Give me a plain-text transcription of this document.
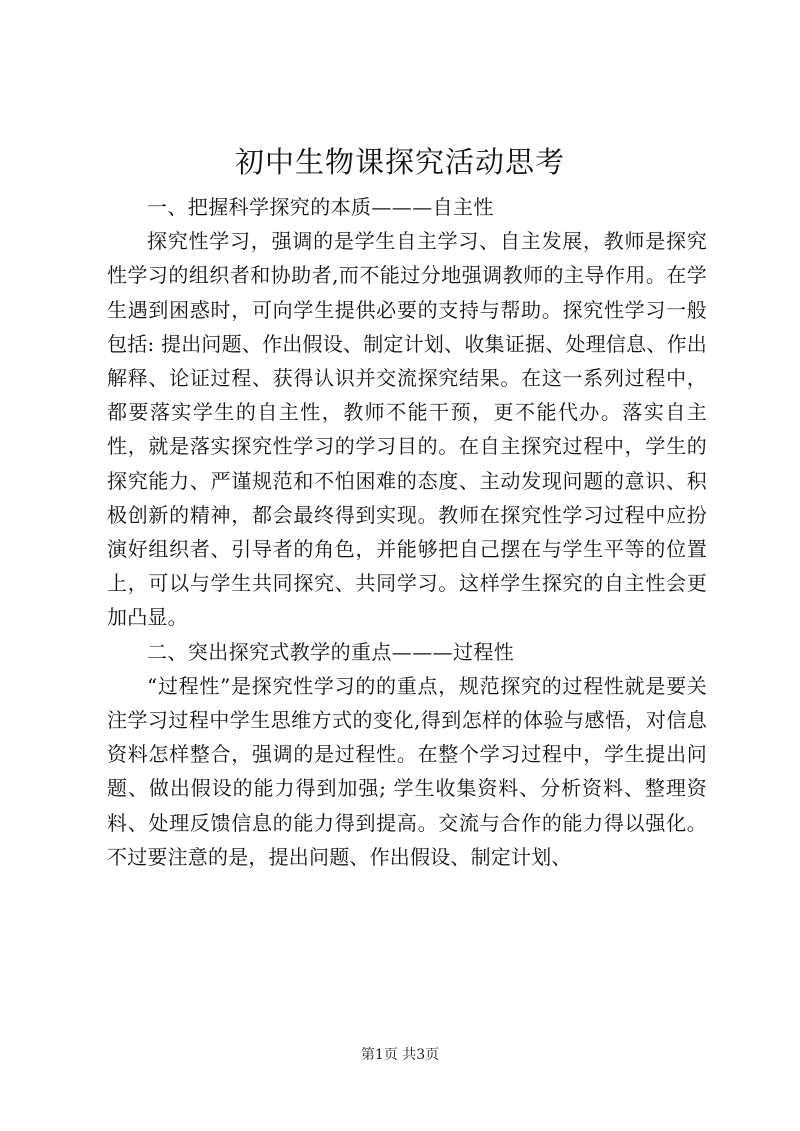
初中生物课探究活动思考

一、把握科学探究的本质———自主性

探究性学习，强调的是学生自主学习、自主发展，教师是探究性学习的组织者和协助者,而不能过分地强调教师的主导作用。在学生遇到困惑时，可向学生提供必要的支持与帮助。探究性学习一般包括: 提出问题、作出假设、制定计划、收集证据、处理信息、作出解释、论证过程、获得认识并交流探究结果。在这一系列过程中，都要落实学生的自主性，教师不能干预，更不能代办。落实自主性，就是落实探究性学习的学习目的。在自主探究过程中，学生的探究能力、严谨规范和不怕困难的态度、主动发现问题的意识、积极创新的精神，都会最终得到实现。教师在探究性学习过程中应扮演好组织者、引导者的角色，并能够把自己摆在与学生平等的位置上，可以与学生共同探究、共同学习。这样学生探究的自主性会更加凸显。

二、突出探究式教学的重点———过程性

“过程性”是探究性学习的的重点，规范探究的过程性就是要关注学习过程中学生思维方式的变化,得到怎样的体验与感悟，对信息资料怎样整合，强调的是过程性。在整个学习过程中，学生提出问题、做出假设的能力得到加强; 学生收集资料、分析资料、整理资料、处理反馈信息的能力得到提高。交流与合作的能力得以强化。不过要注意的是，提出问题、作出假设、制定计划、

第1页 共3页
